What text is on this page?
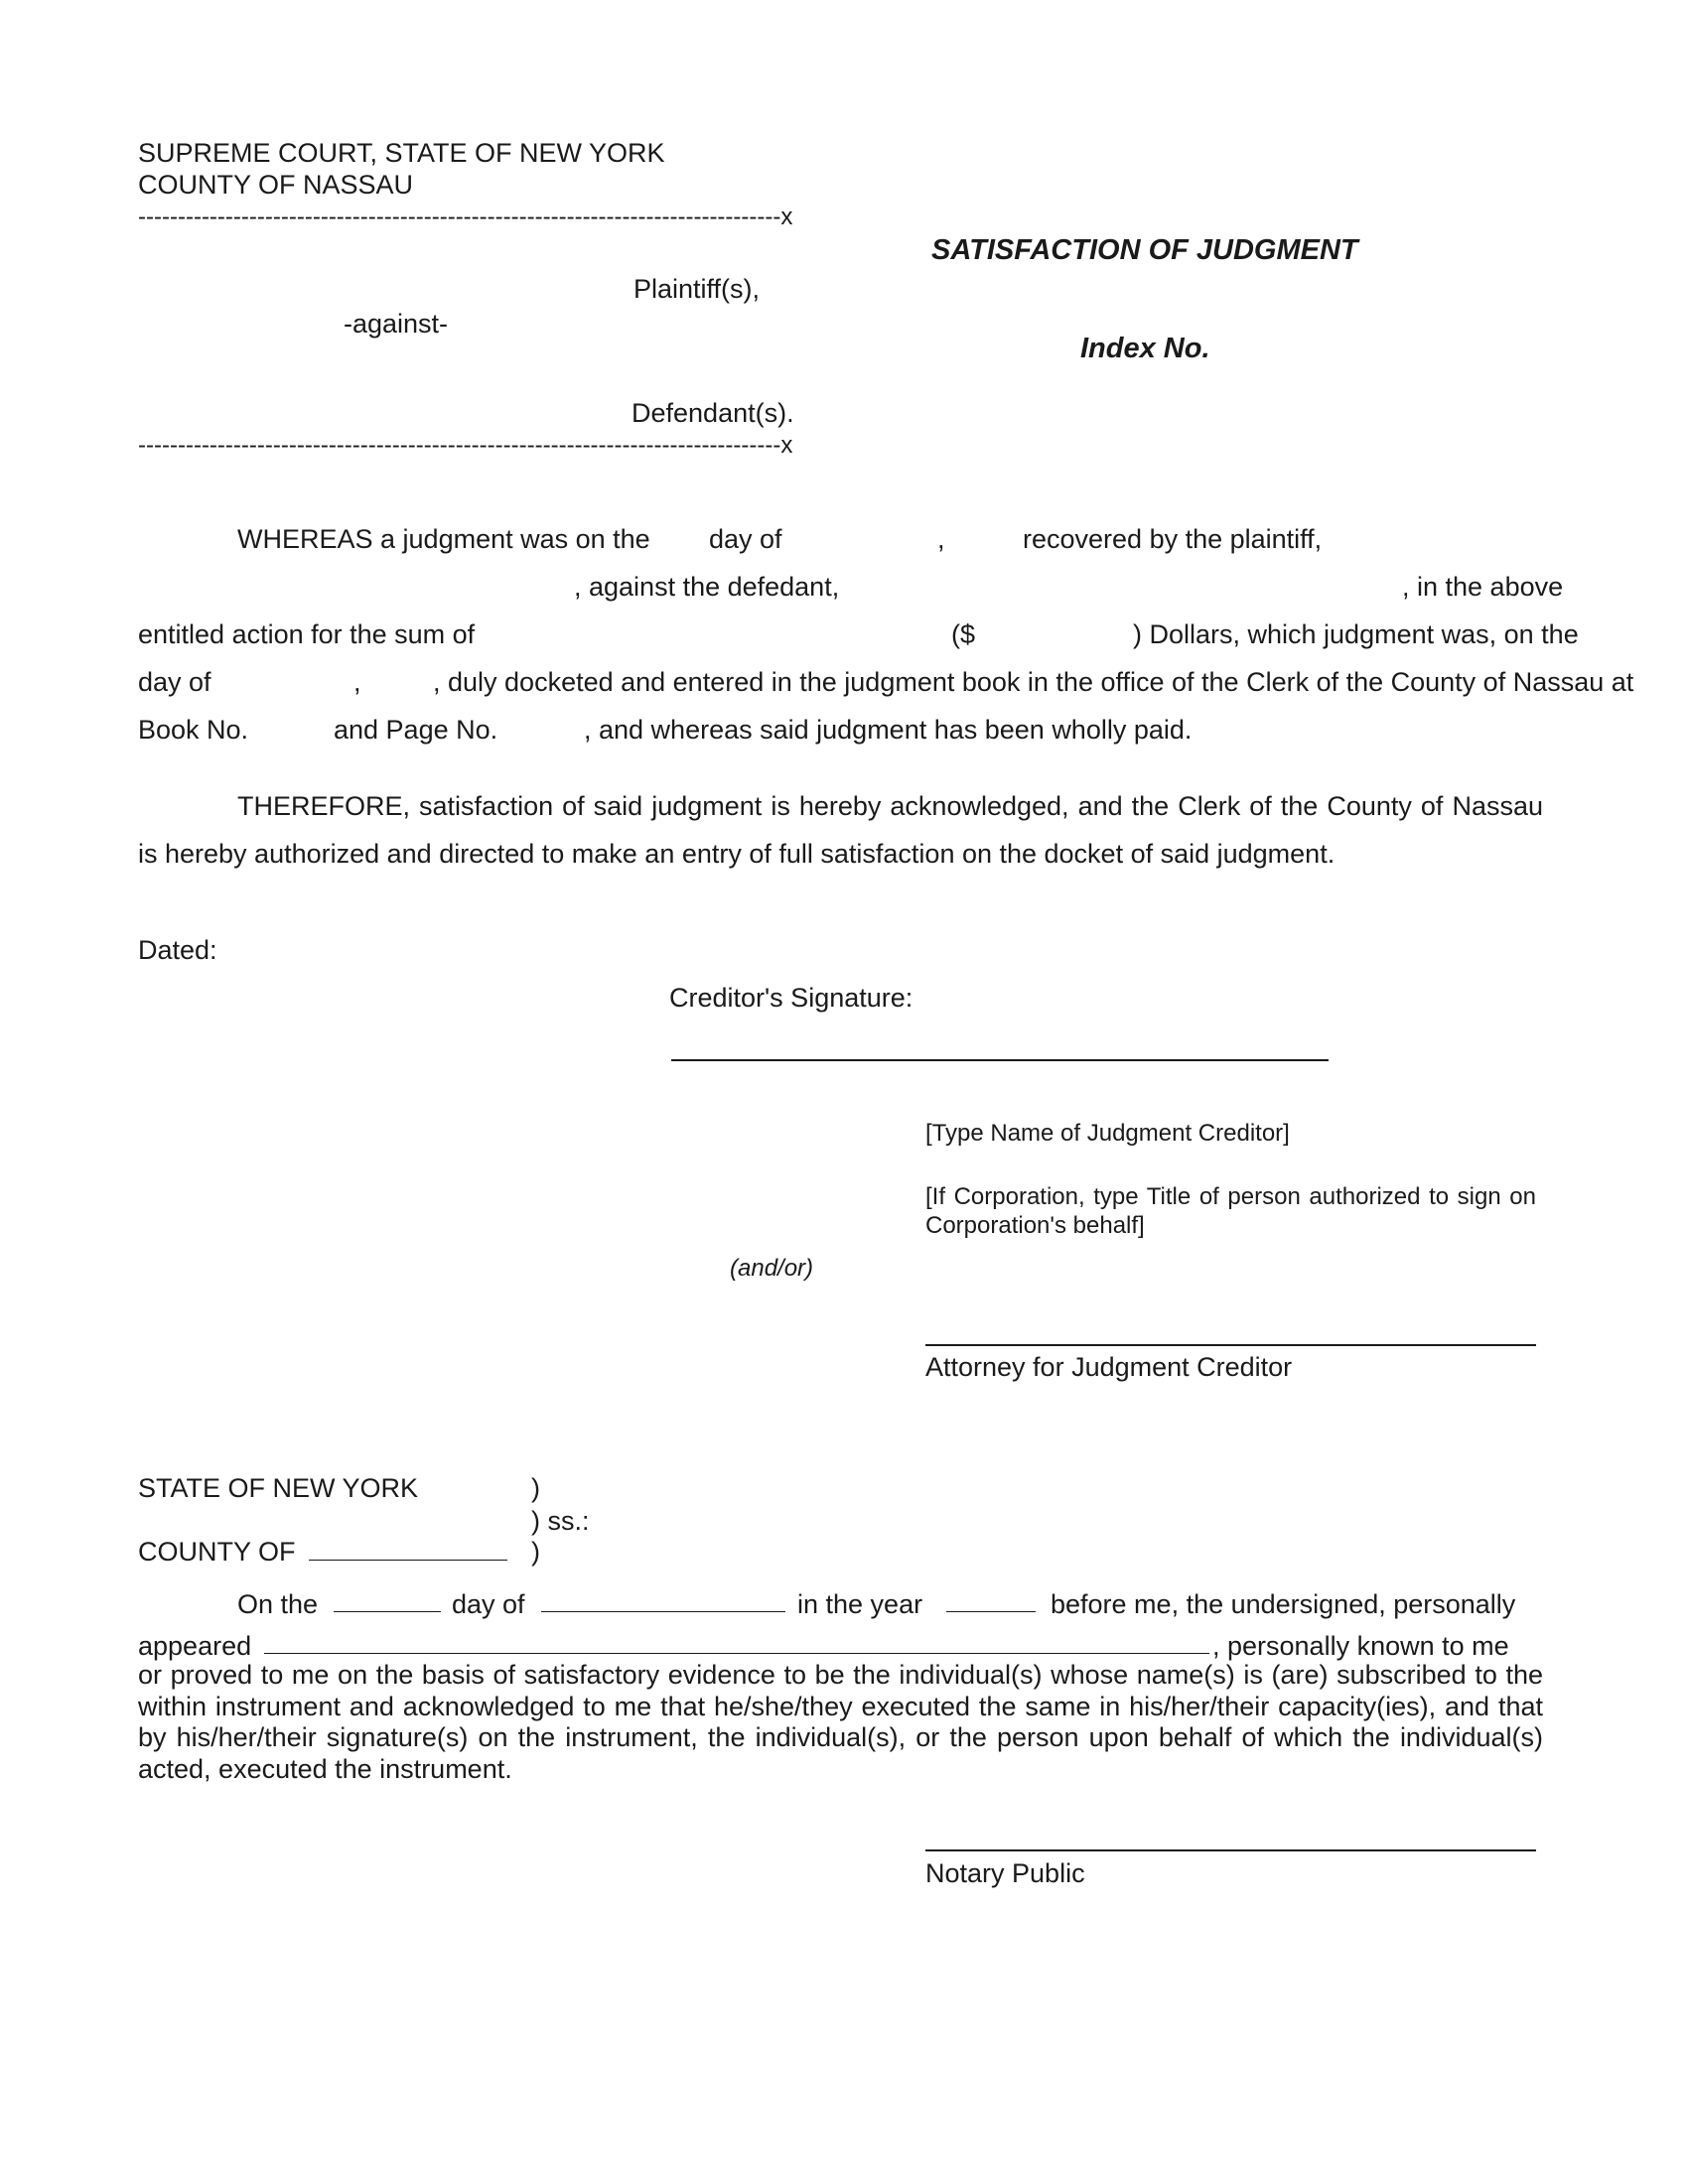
SUPREME COURT, STATE OF NEW YORK
COUNTY OF NASSAU
---------------------------------------------------------------------------------x
SATISFACTION OF JUDGMENT
Plaintiff(s),
-against-
Index No.
Defendant(s).
---------------------------------------------------------------------------------x
WHEREAS a judgment was on the day of	,	recovered by the plaintiff,
, against the defedant,	, in the above
entitled action for the sum of	($	) Dollars, which judgment was, on the
day of	,	, duly docketed and entered in the judgment book in the office of the Clerk of the County of Nassau at
Book No.	and Page No.	, and whereas said judgment has been wholly paid.
THEREFORE, satisfaction of said judgment is hereby acknowledged, and the Clerk of the County of Nassau is hereby authorized and directed to make an entry of full satisfaction on the docket of said judgment.
Dated:
Creditor's Signature:
[Type Name of Judgment Creditor]
[If Corporation, type Title of person authorized to sign on Corporation's behalf]
(and/or)
Attorney for Judgment Creditor
STATE OF NEW YORK	)
) ss.:
COUNTY OF	)
On the	day of	in the year	before me, the undersigned, personally
appeared	, personally known to me
or proved to me on the basis of satisfactory evidence to be the individual(s) whose name(s) is (are) subscribed to the within instrument and acknowledged to me that he/she/they executed the same in his/her/their capacity(ies), and that by his/her/their signature(s) on the instrument, the individual(s), or the person upon behalf of which the individual(s) acted, executed the instrument.
Notary Public
